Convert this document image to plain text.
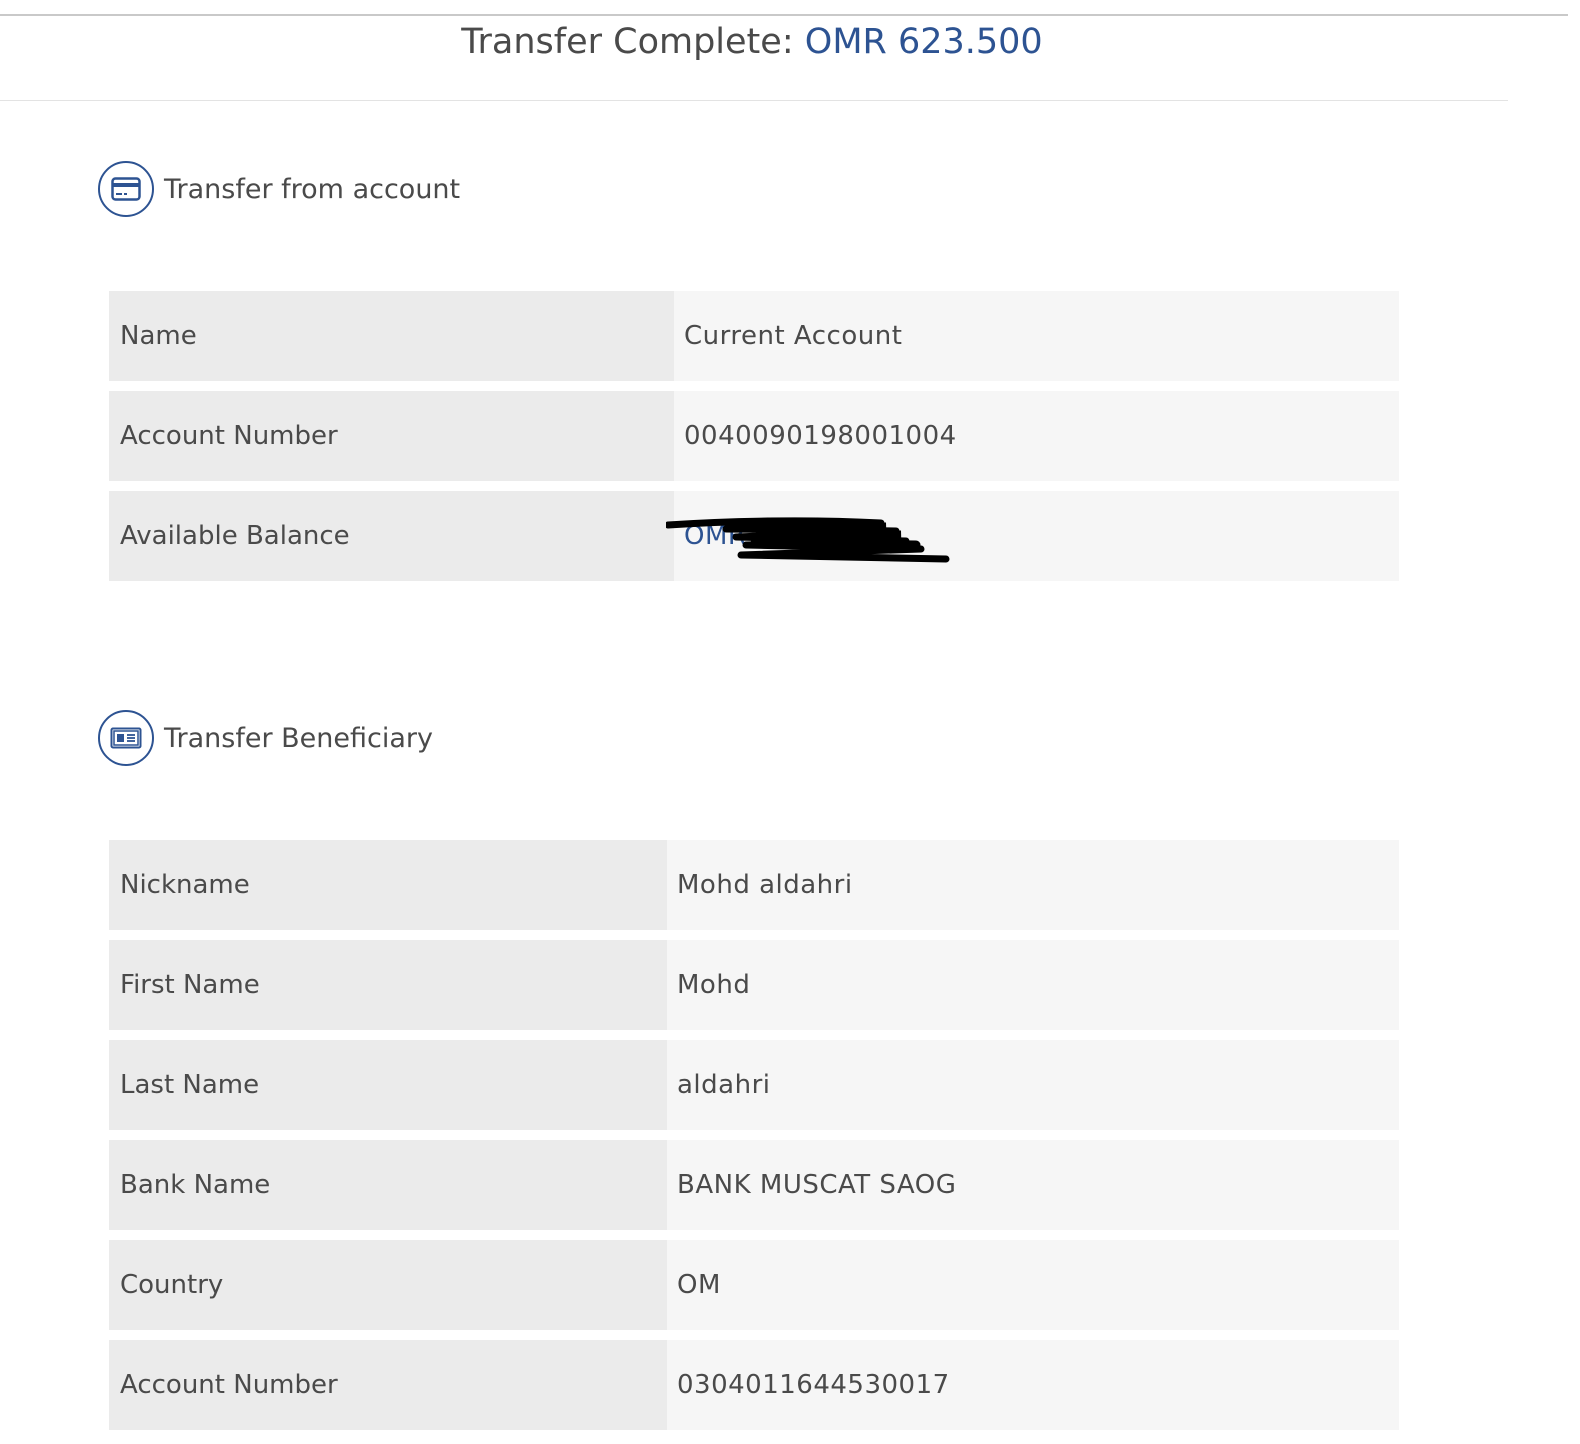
Transfer Complete: OMR 623.500
Transfer from account
Name	Current Account
Account Number	0040090198001004
Available Balance	OMR
Transfer Beneficiary
Nickname	Mohd aldahri
First Name	Mohd
Last Name	aldahri
Bank Name	BANK MUSCAT SAOG
Country	OM
Account Number	0304011644530017
